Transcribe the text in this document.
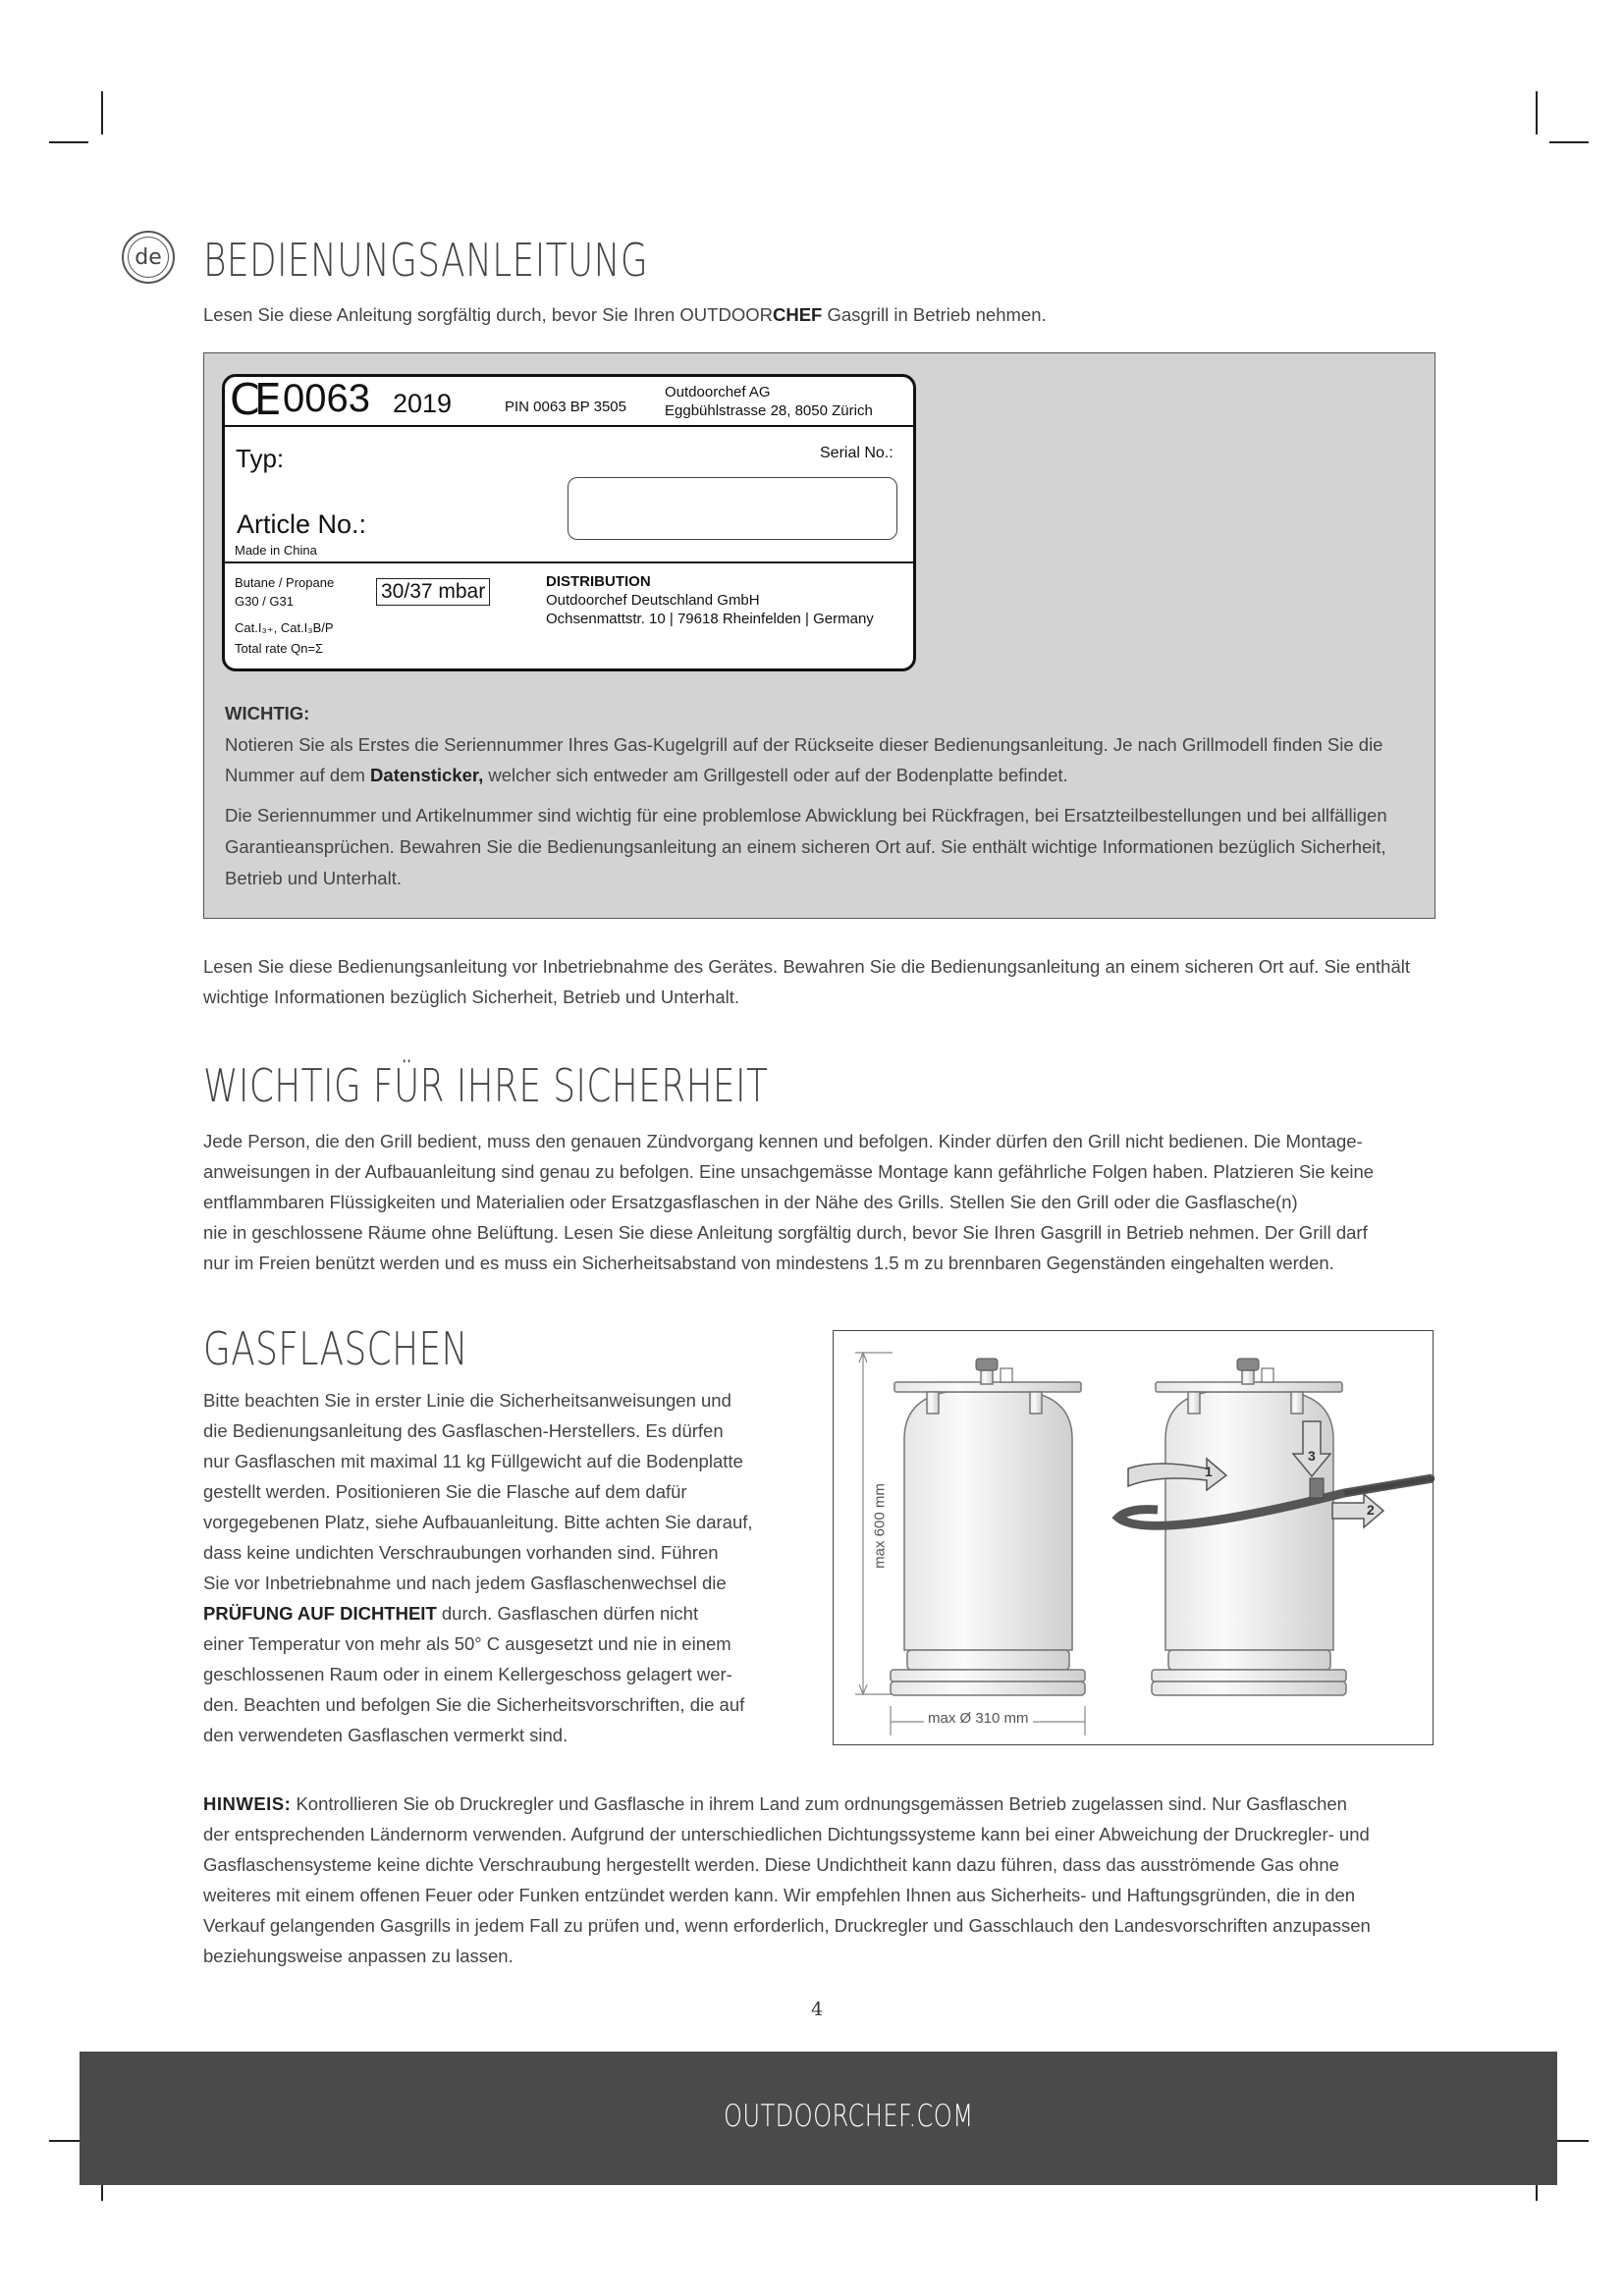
de BEDIENUNGSANLEITUNG
Lesen Sie diese Anleitung sorgfältig durch, bevor Sie Ihren OUTDOORCHEF Gasgrill in Betrieb nehmen.
CE 0063 2019	PIN 0063 BP 3505
Outdoorchef AG
Eggbühlstrasse 28, 8050 Zürich
Typ:	Serial No.:
Article No.:
Made in China
Butane / Propane
G30 / G31	30/37 mbar
Cat.I₃₊, Cat.I₃B/P
Total rate Qn=Σ
DISTRIBUTION
Outdoorchef Deutschland GmbH
Ochsenmattstr. 10 | 79618 Rheinfelden | Germany
WICHTIG:
Notieren Sie als Erstes die Seriennummer Ihres Gas-Kugelgrill auf der Rückseite dieser Bedienungsanleitung. Je nach Grillmodell finden Sie die Nummer auf dem Datensticker, welcher sich entweder am Grillgestell oder auf der Bodenplatte befindet.
Die Seriennummer und Artikelnummer sind wichtig für eine problemlose Abwicklung bei Rückfragen, bei Ersatzteilbestellungen und bei allfälligen Garantieansprüchen. Bewahren Sie die Bedienungsanleitung an einem sicheren Ort auf. Sie enthält wichtige Informationen bezüglich Sicherheit, Betrieb und Unterhalt.
Lesen Sie diese Bedienungsanleitung vor Inbetriebnahme des Gerätes. Bewahren Sie die Bedienungsanleitung an einem sicheren Ort auf. Sie enthält wichtige Informationen bezüglich Sicherheit, Betrieb und Unterhalt.
WICHTIG FÜR IHRE SICHERHEIT
Jede Person, die den Grill bedient, muss den genauen Zündvorgang kennen und befolgen. Kinder dürfen den Grill nicht bedienen. Die Montage-
anweisungen in der Aufbauanleitung sind genau zu befolgen. Eine unsachgemässe Montage kann gefährliche Folgen haben. Platzieren Sie keine
entflammbaren Flüssigkeiten und Materialien oder Ersatzgasflaschen in der Nähe des Grills. Stellen Sie den Grill oder die Gasflasche(n)
nie in geschlossene Räume ohne Belüftung. Lesen Sie diese Anleitung sorgfältig durch, bevor Sie Ihren Gasgrill in Betrieb nehmen. Der Grill darf
nur im Freien benützt werden und es muss ein Sicherheitsabstand von mindestens 1.5 m zu brennbaren Gegenständen eingehalten werden.
GASFLASCHEN
Bitte beachten Sie in erster Linie die Sicherheitsanweisungen und
die Bedienungsanleitung des Gasflaschen-Herstellers. Es dürfen
nur Gasflaschen mit maximal 11 kg Füllgewicht auf die Bodenplatte
gestellt werden. Positionieren Sie die Flasche auf dem dafür
vorgegebenen Platz, siehe Aufbauanleitung. Bitte achten Sie darauf,
dass keine undichten Verschraubungen vorhanden sind. Führen
Sie vor Inbetriebnahme und nach jedem Gasflaschenwechsel die
PRÜFUNG AUF DICHTHEIT durch. Gasflaschen dürfen nicht
einer Temperatur von mehr als 50° C ausgesetzt und nie in einem
geschlossenen Raum oder in einem Kellergeschoss gelagert wer-
den. Beachten und befolgen Sie die Sicherheitsvorschriften, die auf
den verwendeten Gasflaschen vermerkt sind.
max 600 mm
max Ø 310 mm
1
2
3
HINWEIS: Kontrollieren Sie ob Druckregler und Gasflasche in ihrem Land zum ordnungsgemässen Betrieb zugelassen sind. Nur Gasflaschen
der entsprechenden Ländernorm verwenden. Aufgrund der unterschiedlichen Dichtungssysteme kann bei einer Abweichung der Druckregler- und
Gasflaschensysteme keine dichte Verschraubung hergestellt werden. Diese Undichtheit kann dazu führen, dass das ausströmende Gas ohne
weiteres mit einem offenen Feuer oder Funken entzündet werden kann. Wir empfehlen Ihnen aus Sicherheits- und Haftungsgründen, die in den
Verkauf gelangenden Gasgrills in jedem Fall zu prüfen und, wenn erforderlich, Druckregler und Gasschlauch den Landesvorschriften anzupassen
beziehungsweise anpassen zu lassen.
4
OUTDOORCHEF.COM
